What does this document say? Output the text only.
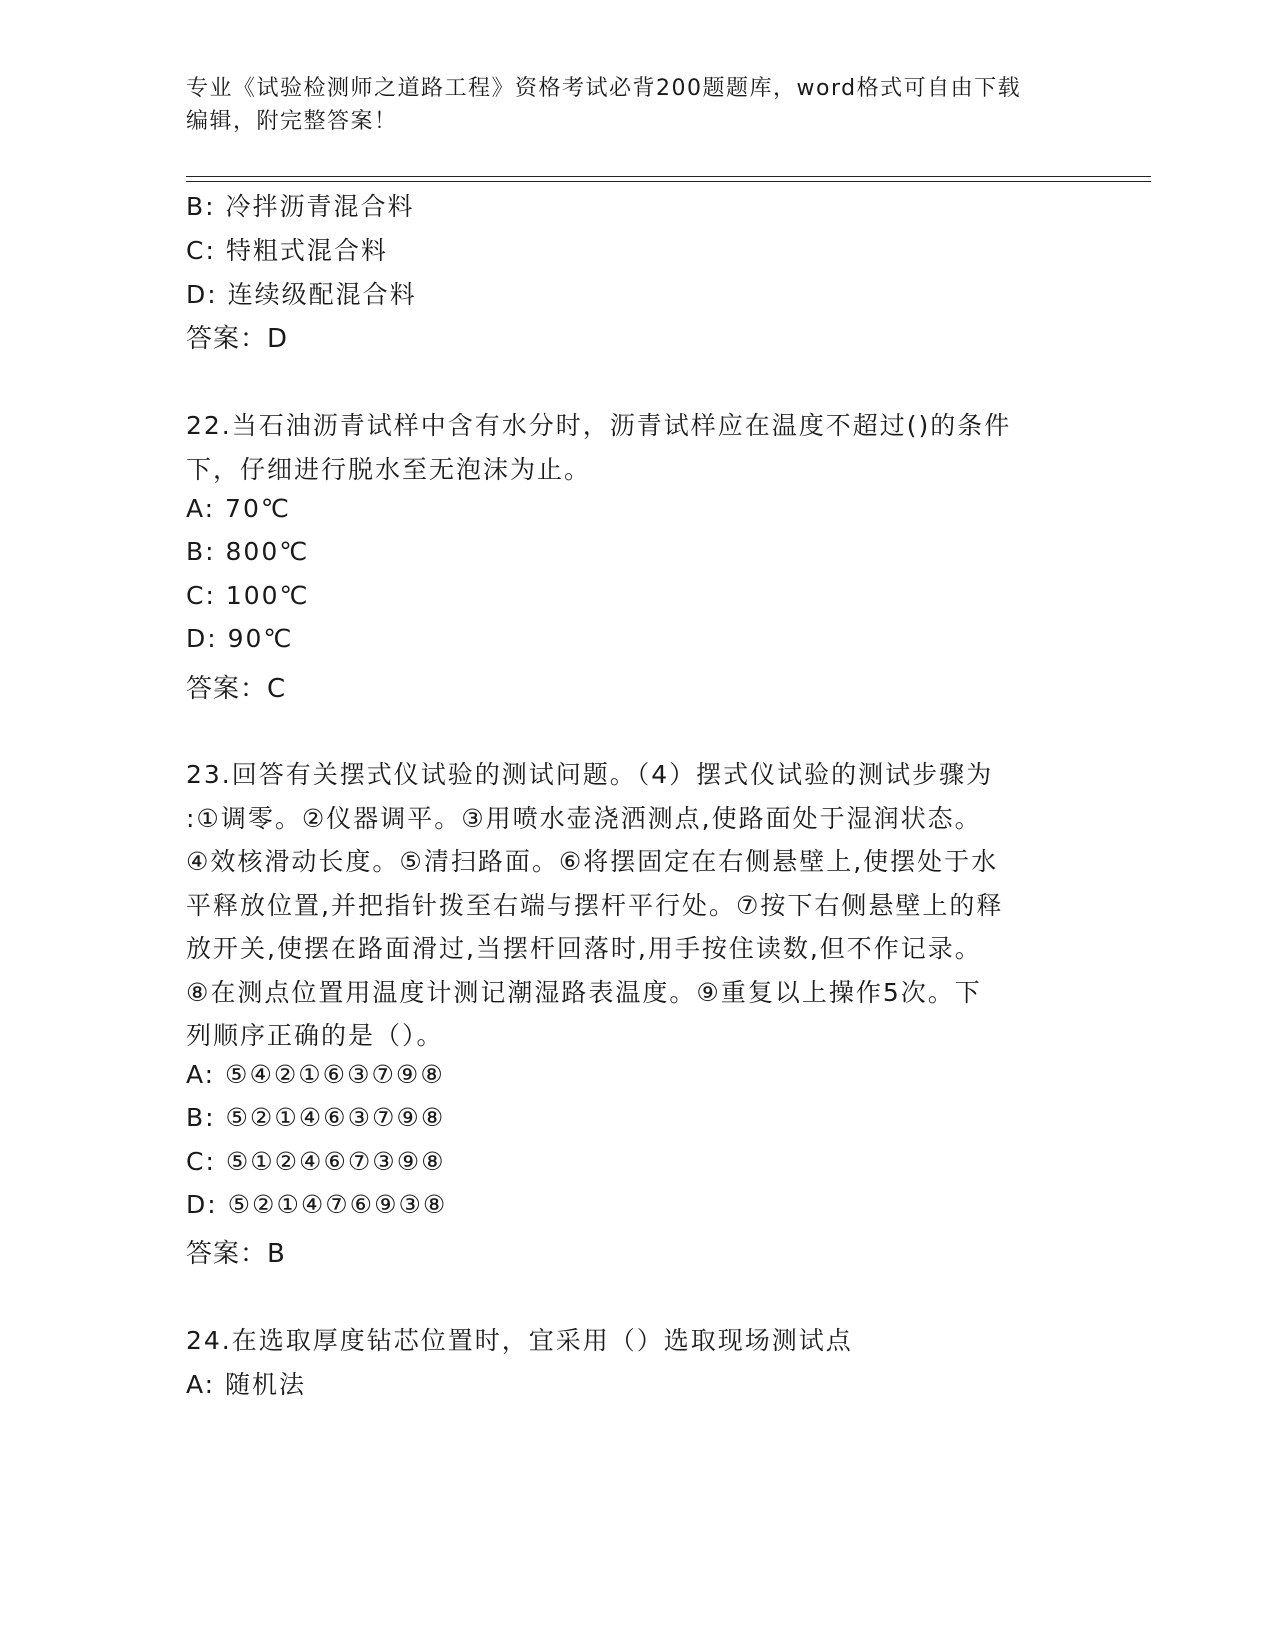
专业《试验检测师之道路工程》资格考试必背200题题库，word格式可自由下载
编辑，附完整答案！
B: 冷拌沥青混合料
C: 特粗式混合料
D: 连续级配混合料
答案：D
22.当石油沥青试样中含有水分时，沥青试样应在温度不超过()的条件
下，仔细进行脱水至无泡沫为止。
A: 70℃
B: 800℃
C: 100℃
D: 90℃
答案：C
23.回答有关摆式仪试验的测试问题。（4）摆式仪试验的测试步骤为
:①调零。②仪器调平。③用喷水壶浇洒测点,使路面处于湿润状态。
④效核滑动长度。⑤清扫路面。⑥将摆固定在右侧悬壁上,使摆处于水
平释放位置,并把指针拨至右端与摆杆平行处。⑦按下右侧悬壁上的释
放开关,使摆在路面滑过,当摆杆回落时,用手按住读数,但不作记录。
⑧在测点位置用温度计测记潮湿路表温度。⑨重复以上操作5次。下
列顺序正确的是（）。
A: ⑤④②①⑥③⑦⑨⑧
B: ⑤②①④⑥③⑦⑨⑧
C: ⑤①②④⑥⑦③⑨⑧
D: ⑤②①④⑦⑥⑨③⑧
答案：B
24.在选取厚度钻芯位置时，宜采用（）选取现场测试点
A: 随机法
